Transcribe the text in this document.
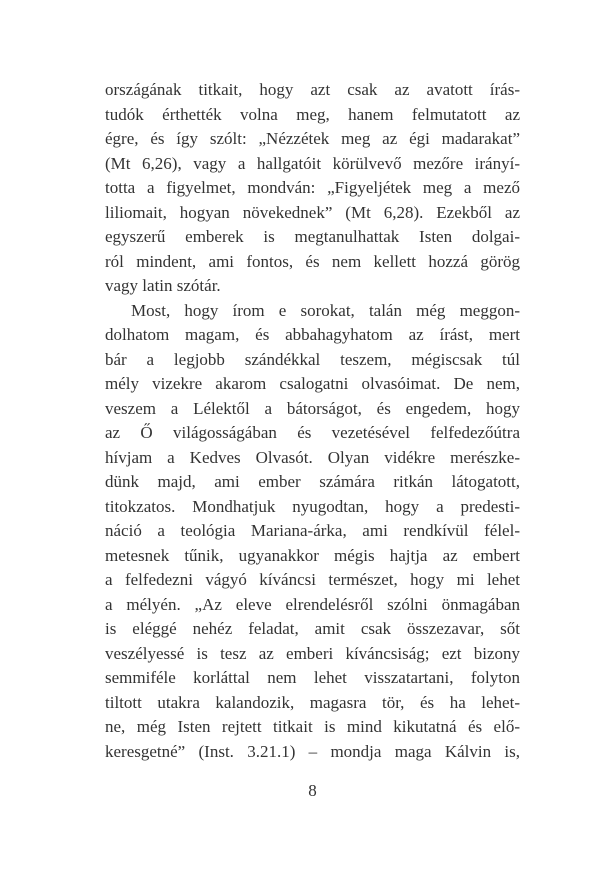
országának titkait, hogy azt csak az avatott írás-
tudók érthették volna meg, hanem felmutatott az
égre, és így szólt: „Nézzétek meg az égi madarakat”
(Mt 6,26), vagy a hallgatóit körülvevő mezőre irányí-
totta a figyelmet, mondván: „Figyeljétek meg a mező
liliomait, hogyan növekednek” (Mt 6,28). Ezekből az
egyszerű emberek is megtanulhattak Isten dolgai-
ról mindent, ami fontos, és nem kellett hozzá görög
vagy latin szótár.
Most, hogy írom e sorokat, talán még meggon-
dolhatom magam, és abbahagyhatom az írást, mert
bár a legjobb szándékkal teszem, mégiscsak túl
mély vizekre akarom csalogatni olvasóimat. De nem,
veszem a Lélektől a bátorságot, és engedem, hogy
az Ő világosságában és vezetésével felfedezőútra
hívjam a Kedves Olvasót. Olyan vidékre merészke-
dünk majd, ami ember számára ritkán látogatott,
titokzatos. Mondhatjuk nyugodtan, hogy a predesti-
náció a teológia Mariana-árka, ami rendkívül félel-
metesnek tűnik, ugyanakkor mégis hajtja az embert
a felfedezni vágyó kíváncsi természet, hogy mi lehet
a mélyén. „Az eleve elrendelésről szólni önmagában
is eléggé nehéz feladat, amit csak összezavar, sőt
veszélyessé is tesz az emberi kíváncsiság; ezt bizony
semmiféle korláttal nem lehet visszatartani, folyton
tiltott utakra kalandozik, magasra tör, és ha lehet-
ne, még Isten rejtett titkait is mind kikutatná és elő-
keresgetné” (Inst. 3.21.1) – mondja maga Kálvin is,
8
